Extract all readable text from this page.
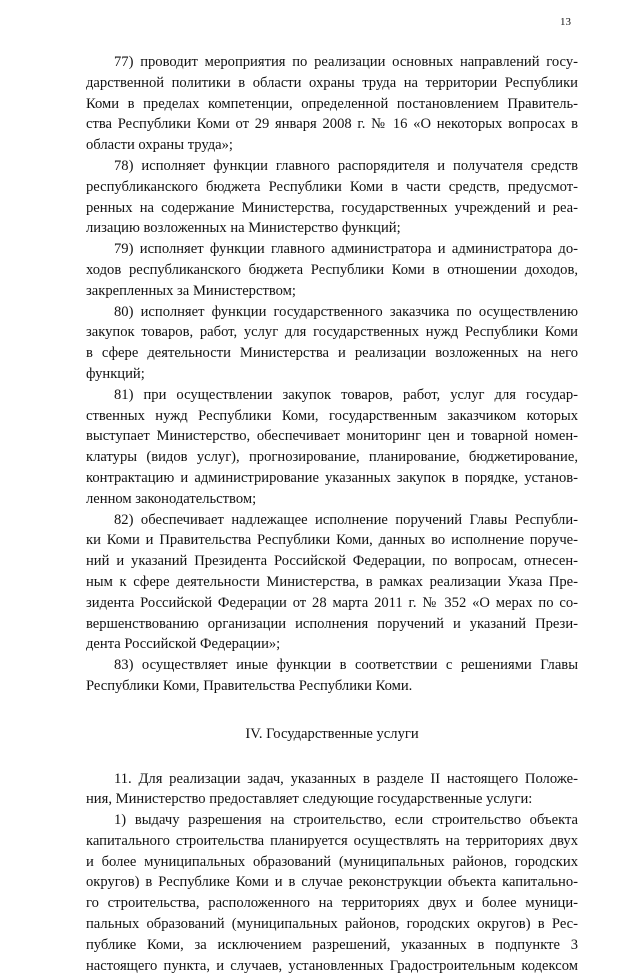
13

77) проводит мероприятия по реализации основных направлений госу-
дарственной политики в области охраны труда на территории Республики
Коми в пределах компетенции, определенной постановлением Правитель-
ства Республики Коми от 29 января 2008 г. № 16 «О некоторых вопросах в
области охраны труда»;

78) исполняет функции главного распорядителя и получателя средств
республиканского бюджета Республики Коми в части средств, предусмот-
ренных на содержание Министерства, государственных учреждений и реа-
лизацию возложенных на Министерство функций;

79) исполняет функции главного администратора и администратора до-
ходов республиканского бюджета Республики Коми в отношении доходов,
закрепленных за Министерством;

80) исполняет функции государственного заказчика по осуществлению
закупок товаров, работ, услуг для государственных нужд Республики Коми
в сфере деятельности Министерства и реализации возложенных на него
функций;

81) при осуществлении закупок товаров, работ, услуг для государ-
ственных нужд Республики Коми, государственным заказчиком которых
выступает Министерство, обеспечивает мониторинг цен и товарной номен-
клатуры (видов услуг), прогнозирование, планирование, бюджетирование,
контрактацию и администрирование указанных закупок в порядке, установ-
ленном законодательством;

82) обеспечивает надлежащее исполнение поручений Главы Республи-
ки Коми и Правительства Республики Коми, данных во исполнение поруче-
ний и указаний Президента Российской Федерации, по вопросам, отнесен-
ным к сфере деятельности Министерства, в рамках реализации Указа Пре-
зидента Российской Федерации от 28 марта 2011 г. № 352 «О мерах по со-
вершенствованию организации исполнения поручений и указаний Прези-
дента Российской Федерации»;

83) осуществляет иные функции в соответствии с решениями Главы
Республики Коми, Правительства Республики Коми.

IV. Государственные услуги

11. Для реализации задач, указанных в разделе II настоящего Положе-
ния, Министерство предоставляет следующие государственные услуги:

1) выдачу разрешения на строительство, если строительство объекта
капитального строительства планируется осуществлять на территориях двух
и более муниципальных образований (муниципальных районов, городских
округов) в Республике Коми и в случае реконструкции объекта капитально-
го строительства, расположенного на территориях двух и более муници-
пальных образований (муниципальных районов, городских округов) в Рес-
публике Коми, за исключением разрешений, указанных в подпункте 3
настоящего пункта, и случаев, установленных Градостроительным кодексом
